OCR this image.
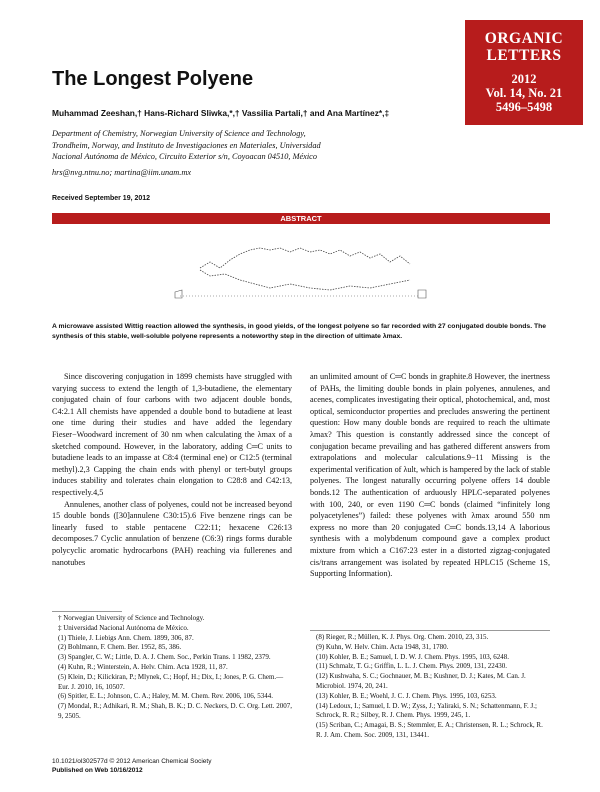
ORGANIC
LETTERS
2012
Vol. 14, No. 21
5496–5498
The Longest Polyene
Muhammad Zeeshan,† Hans-Richard Sliwka,*,† Vassilia Partali,† and Ana Martínez*,‡
Department of Chemistry, Norwegian University of Science and Technology,
Trondheim, Norway, and Instituto de Investigaciones en Materiales, Universidad
Nacional Autónoma de México, Circuito Exterior s/n, Coyoacan 04510, México
hrs@nvg.ntnu.no; martina@iim.unam.mx
Received September 19, 2012
ABSTRACT
A microwave assisted Wittig reaction allowed the synthesis, in good yields, of the longest polyene so far recorded with 27 conjugated double bonds. The synthesis of this stable, well-soluble polyene represents a noteworthy step in the direction of ultimate λmax.

Since discovering conjugation in 1899 chemists have struggled with varying success to extend the length of 1,3-butadiene, the elementary conjugated chain of four carbons with two adjacent double bonds, C4:2.1 All chemists have appended a double bond to butadiene at least one time during their studies and have added the legendary Fieser−Woodward increment of 30 nm when calculating the λmax of a sketched compound. However, in the laboratory, adding C═C units to butadiene leads to an impasse at C8:4 (terminal ene) or C12:5 (terminal methyl).2,3 Capping the chain ends with phenyl or tert-butyl groups induces stability and tolerates chain elongation to C28:8 and C42:13, respectively.4,5

Annulenes, another class of polyenes, could not be increased beyond 15 double bonds ([30]annulene C30:15).6 Five benzene rings can be linearly fused to stable pentacene C22:11; hexacene C26:13 decomposes.7 Cyclic annulation of benzene (C6:3) rings forms durable polycyclic aromatic hydrocarbons (PAH) reaching via fullerenes and nanotubes

an unlimited amount of C═C bonds in graphite.8 However, the inertness of PAHs, the limiting double bonds in plain polyenes, annulenes, and acenes, complicates investigating their optical, photochemical, and, most optical, semiconductor properties and precludes answering the pertinent question: How many double bonds are required to reach the ultimate λmax? This question is constantly addressed since the concept of conjugation became prevailing and has gathered different answers from extrapolations and molecular calculations.9−11 Missing is the experimental verification of λult, which is hampered by the lack of stable polyenes. The longest naturally occurring polyene offers 14 double bonds.12 The authentication of arduously HPLC-separated polyenes with 100, 240, or even 1190 C═C bonds (claimed “infinitely long polyacetylenes”) failed: these polyenes with λmax around 550 nm express no more than 20 conjugated C═C bonds.13,14 A laborious synthesis with a molybdenum compound gave a complex product mixture from which a C167:23 ester in a distorted zigzag-conjugated cis/trans arrangement was isolated by repeated HPLC15 (Scheme 1S, Supporting Information).

† Norwegian University of Science and Technology.
‡ Universidad Nacional Autónoma de México.
(1) Thiele, J. Liebigs Ann. Chem. 1899, 306, 87.
(2) Bohlmann, F. Chem. Ber. 1952, 85, 386.
(3) Spangler, C. W.; Little, D. A. J. Chem. Soc., Perkin Trans. 1 1982, 2379.
(4) Kuhn, R.; Winterstein, A. Helv. Chim. Acta 1928, 11, 87.
(5) Klein, D.; Kilickiran, P.; Mlynek, C.; Hopf, H.; Dix, I.; Jones, P. G. Chem.—Eur. J. 2010, 16, 10507.
(6) Spitler, E. L.; Johnson, C. A.; Haley, M. M. Chem. Rev. 2006, 106, 5344.
(7) Mondal, R.; Adhikari, R. M.; Shah, B. K.; D. C. Neckers, D. C. Org. Lett. 2007, 9, 2505.
(8) Rieger, R.; Müllen, K. J. Phys. Org. Chem. 2010, 23, 315.
(9) Kuhn, W. Helv. Chim. Acta 1948, 31, 1780.
(10) Kohler, B. E.; Samuel, I. D. W. J. Chem. Phys. 1995, 103, 6248.
(11) Schmalz, T. G.; Griffin, L. L. J. Chem. Phys. 2009, 131, 22430.
(12) Kushwaha, S. C.; Gochnauer, M. B.; Kushner, D. J.; Kates, M. Can. J. Microbiol. 1974, 20, 241.
(13) Kohler, B. E.; Woehl, J. C. J. Chem. Phys. 1995, 103, 6253.
(14) Ledoux, I.; Samuel, I. D. W.; Zyss, J.; Yaliraki, S. N.; Schattenmann, F. J.; Schrock, R. R.; Silbey, R. J. Chem. Phys. 1999, 245, 1.
(15) Scriban, C.; Amagai, B. S.; Stemmler, E. A.; Christensen, R. L.; Schrock, R. R. J. Am. Chem. Soc. 2009, 131, 13441.
10.1021/ol302577d © 2012 American Chemical Society
Published on Web 10/16/2012
